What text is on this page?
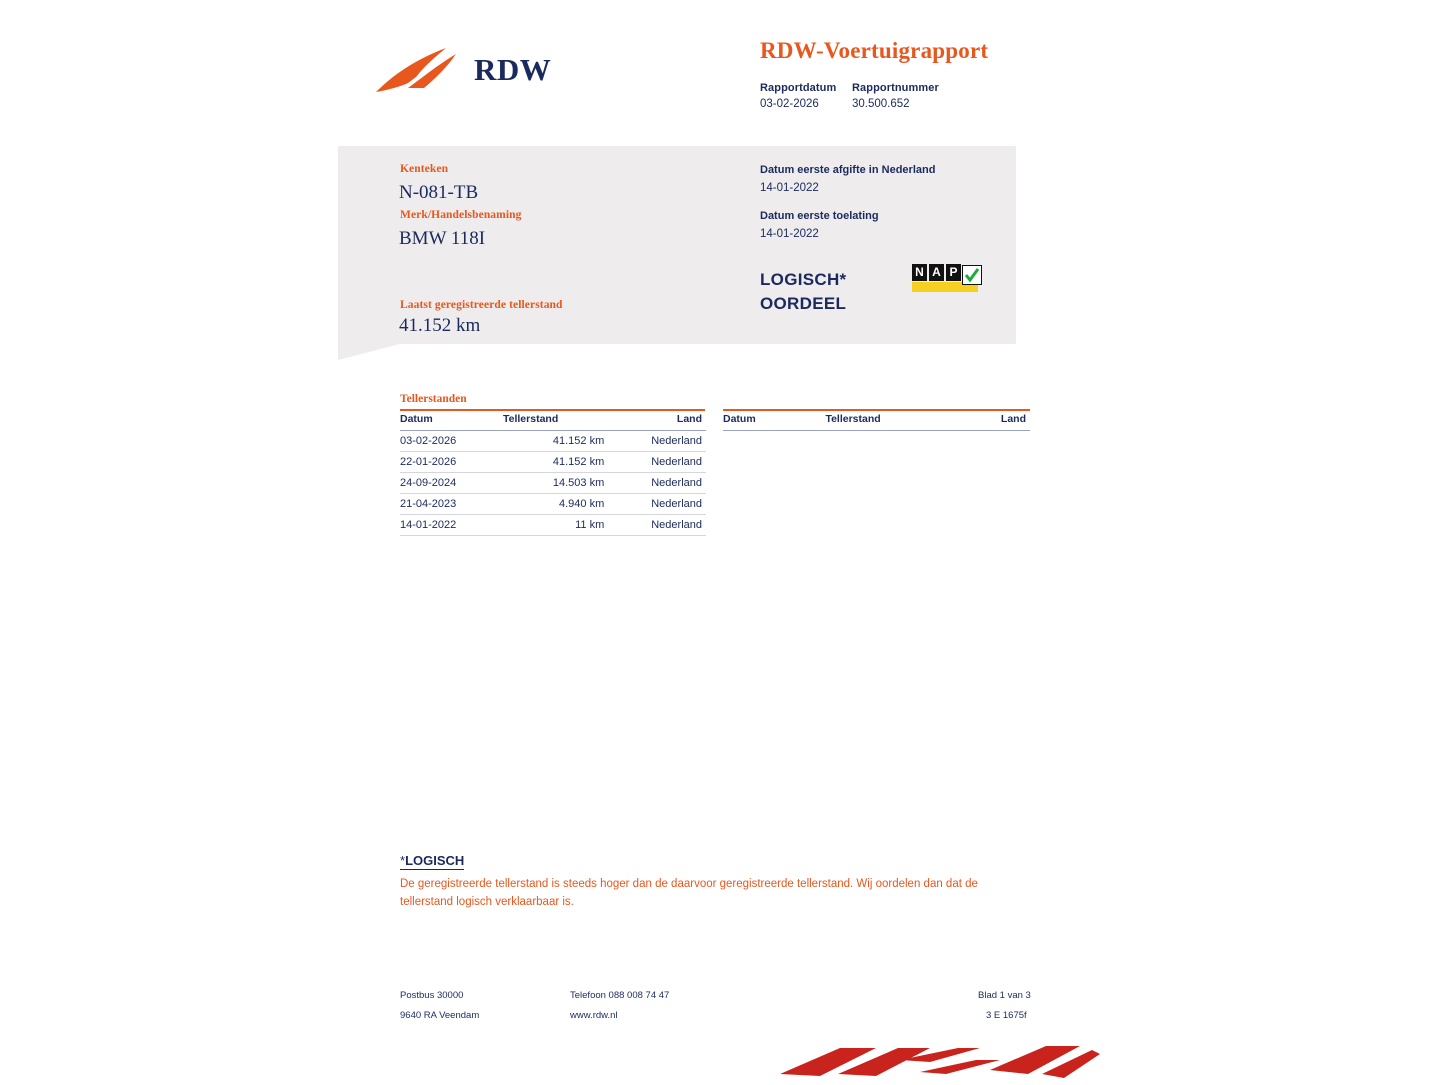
RDW
RDW-Voertuigrapport
Rapportdatum
03-02-2026
Rapportnummer
30.500.652
Kenteken
N-081-TB
Merk/Handelsbenaming
BMW 118I
Laatst geregistreerde tellerstand
41.152 km
Datum eerste afgifte in Nederland
14-01-2022
Datum eerste toelating
14-01-2022
LOGISCH*
OORDEEL
N A P
Tellerstanden
Datum	Tellerstand	Land
03-02-2026	41.152 km	Nederland
22-01-2026	41.152 km	Nederland
24-09-2024	14.503 km	Nederland
21-04-2023	4.940 km	Nederland
14-01-2022	11 km	Nederland
Datum	Tellerstand	Land
*LOGISCH
De geregistreerde tellerstand is steeds hoger dan de daarvoor geregistreerde tellerstand. Wij oordelen dan dat de tellerstand logisch verklaarbaar is.
Postbus 30000
9640 RA Veendam
Telefoon 088 008 74 47
www.rdw.nl
Blad 1 van 3
3 E 1675f
